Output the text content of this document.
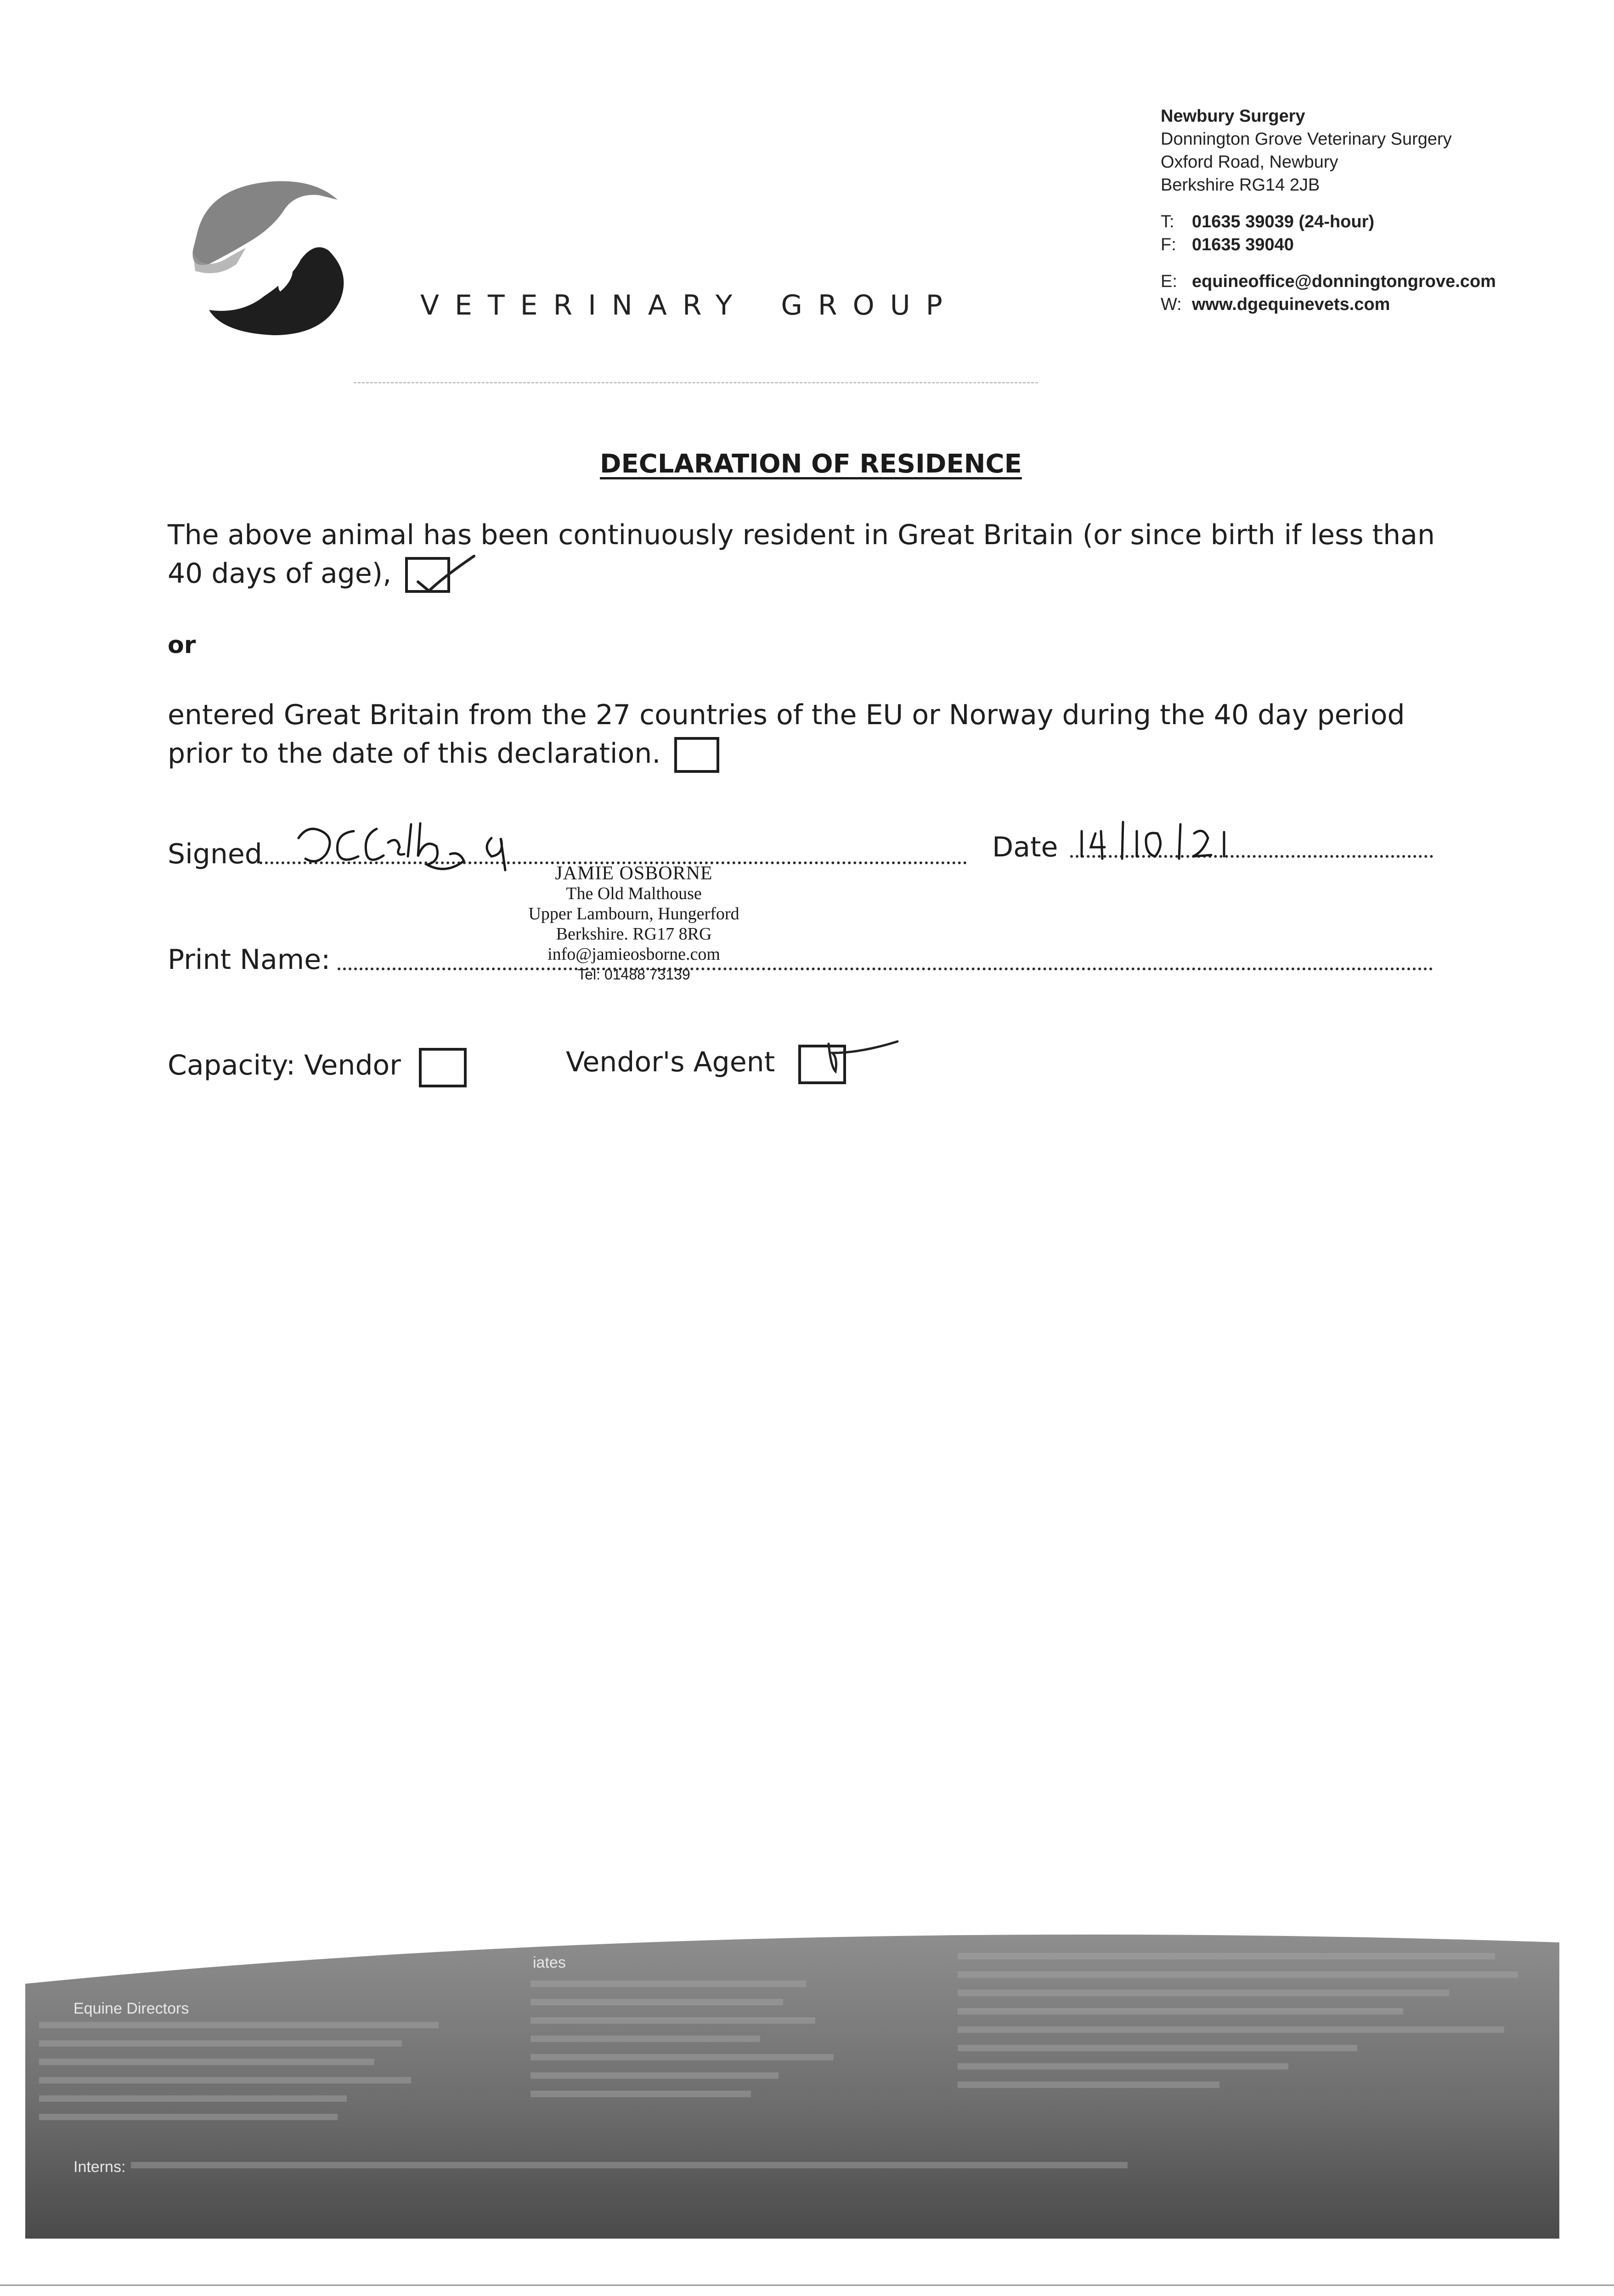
VETERINARY GROUP
Newbury Surgery
Donnington Grove Veterinary Surgery
Oxford Road, Newbury
Berkshire RG14 2JB
T: 01635 39039 (24-hour)
F: 01635 39040
E: equineoffice@donningtongrove.com
W: www.dgequinevets.com
DECLARATION OF RESIDENCE
The above animal has been continuously resident in Great Britain (or since birth if less than
40 days of age),
or
entered Great Britain from the 27 countries of the EU or Norway during the 40 day period
prior to the date of this declaration.
Signed	Date	14 / 10 / 21
JAMIE OSBORNE
The Old Malthouse
Upper Lambourn, Hungerford
Berkshire. RG17 8RG
info@jamieosborne.com
Tel: 01488 73139
Print Name:
Capacity: Vendor	Vendor's Agent
Equine Directors
iates
Interns:
